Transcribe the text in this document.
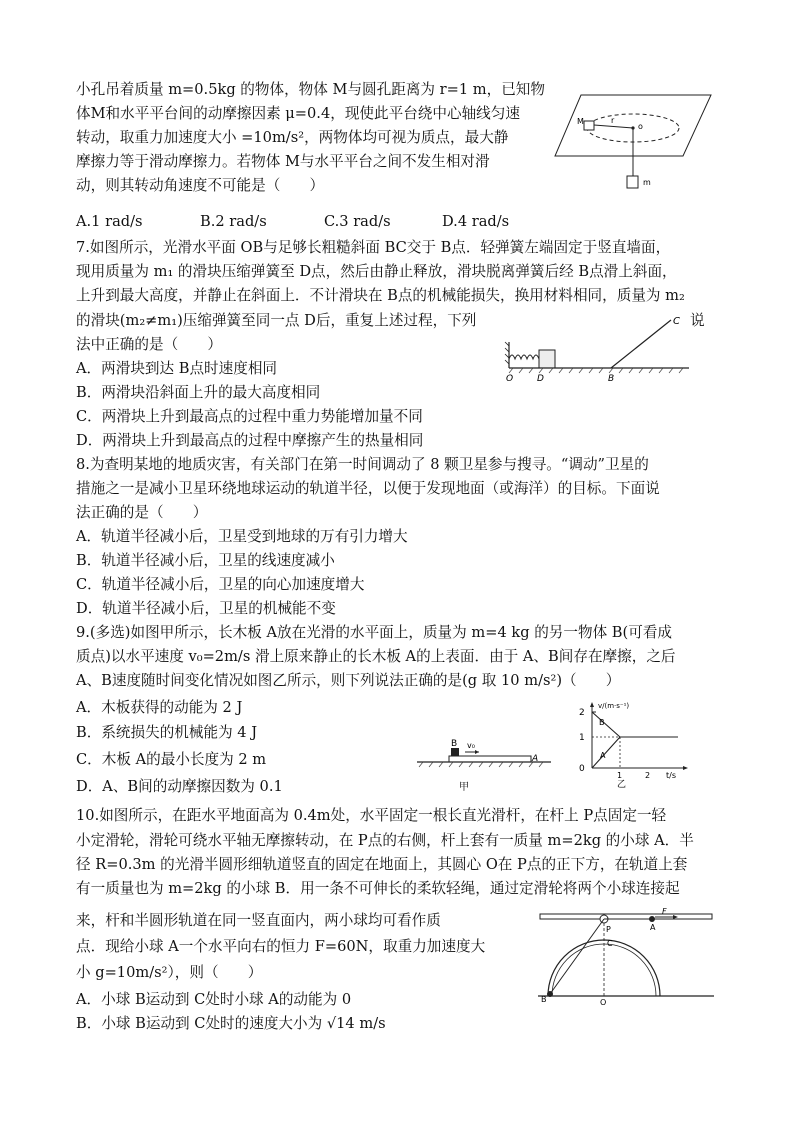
小孔吊着质量 m=0.5kg 的物体，物体 M与圆孔距离为 r=1 m，已知物
体M和水平平台间的动摩擦因素 μ=0.4，现使此平台绕中心轴线匀速
转动，取重力加速度大小 =10m/s²，两物体均可视为质点，最大静
摩擦力等于滑动摩擦力。若物体 M与水平平台之间不发生相对滑
动，则其转动角速度不可能是（　　）
A.1 rad/s	B.2 rad/s	C.3 rad/s	D.4 rad/s
M	r
o
m
7.如图所示，光滑水平面 OB与足够长粗糙斜面 BC交于 B点．轻弹簧左端固定于竖直墙面，
现用质量为 m₁ 的滑块压缩弹簧至 D点，然后由静止释放，滑块脱离弹簧后经 B点滑上斜面，
上升到最大高度，并静止在斜面上．不计滑块在 B点的机械能损失，换用材料相同，质量为 m₂
的滑块(m₂≠m₁)压缩弹簧至同一点 D后，重复上述过程，下列	说
法中正确的是（　　）
A．两滑块到达 B点时速度相同
B．两滑块沿斜面上升的最大高度相同
C．两滑块上升到最高点的过程中重力势能增加量不同
D．两滑块上升到最高点的过程中摩擦产生的热量相同
C
O	D	B
8.为查明某地的地质灾害，有关部门在第一时间调动了 8 颗卫星参与搜寻。“调动”卫星的
措施之一是减小卫星环绕地球运动的轨道半径，以便于发现地面（或海洋）的目标。下面说
法正确的是（　　）
A．轨道半径减小后，卫星受到地球的万有引力增大
B．轨道半径减小后，卫星的线速度减小
C．轨道半径减小后，卫星的向心加速度增大
D．轨道半径减小后，卫星的机械能不变
9.(多选)如图甲所示，长木板 A放在光滑的水平面上，质量为 m=4 kg 的另一物体 B(可看成
质点)以水平速度 v₀=2m/s 滑上原来静止的长木板 A的上表面．由于 A、B间存在摩擦，之后
A、B速度随时间变化情况如图乙所示，则下列说法正确的是(g 取 10 m/s²)（　　）
A．木板获得的动能为 2 J
B．系统损失的机械能为 4 J
C．木板 A的最小长度为 2 m
D．A、B间的动摩擦因数为 0.1
B v₀
A
甲
v/(m·s⁻¹)
t/s
2
1
0
1	2
B
A
乙
10.如图所示，在距水平地面高为 0.4m处，水平固定一根长直光滑杆，在杆上 P点固定一轻
小定滑轮，滑轮可绕水平轴无摩擦转动，在 P点的右侧，杆上套有一质量 m=2kg 的小球 A．半
径 R=0.3m 的光滑半圆形细轨道竖直的固定在地面上，其圆心 O在 P点的正下方，在轨道上套
有一质量也为 m=2kg 的小球 B．用一条不可伸长的柔软轻绳，通过定滑轮将两个小球连接起
来，杆和半圆形轨道在同一竖直面内，两小球均可看作质
点．现给小球 A一个水平向右的恒力 F=60N，取重力加速度大
小 g=10m/s²），则（　　）
A．小球 B运动到 C处时小球 A的动能为 0
B．小球 B运动到 C处时的速度大小为 √14 m/s
P
F
A
C
B	O
